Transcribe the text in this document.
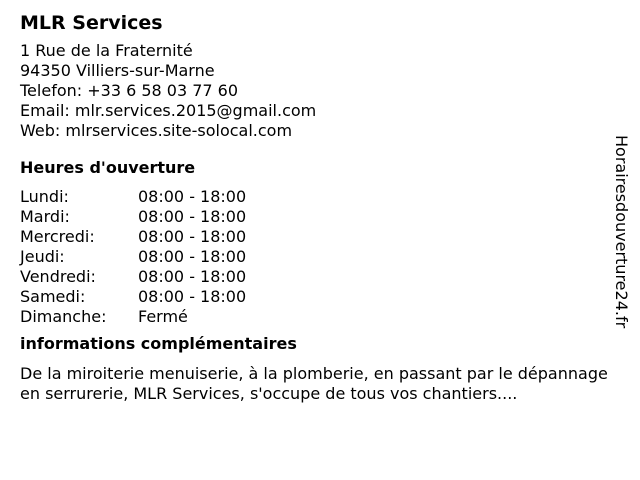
MLR Services
1 Rue de la Fraternité
94350 Villiers-sur-Marne
Telefon: +33 6 58 03 77 60
Email: mlr.services.2015@gmail.com
Web: mlrservices.site-solocal.com
Heures d'ouverture
Lundi:	08:00 - 18:00
Mardi:	08:00 - 18:00
Mercredi:	08:00 - 18:00
Jeudi:	08:00 - 18:00
Vendredi:	08:00 - 18:00
Samedi:	08:00 - 18:00
Dimanche: Fermé
informations complémentaires
De la miroiterie menuiserie, à la plomberie, en passant par le dépannage en serrurerie, MLR Services, s'occupe de tous vos chantiers....
Horairesdouverture24.fr
